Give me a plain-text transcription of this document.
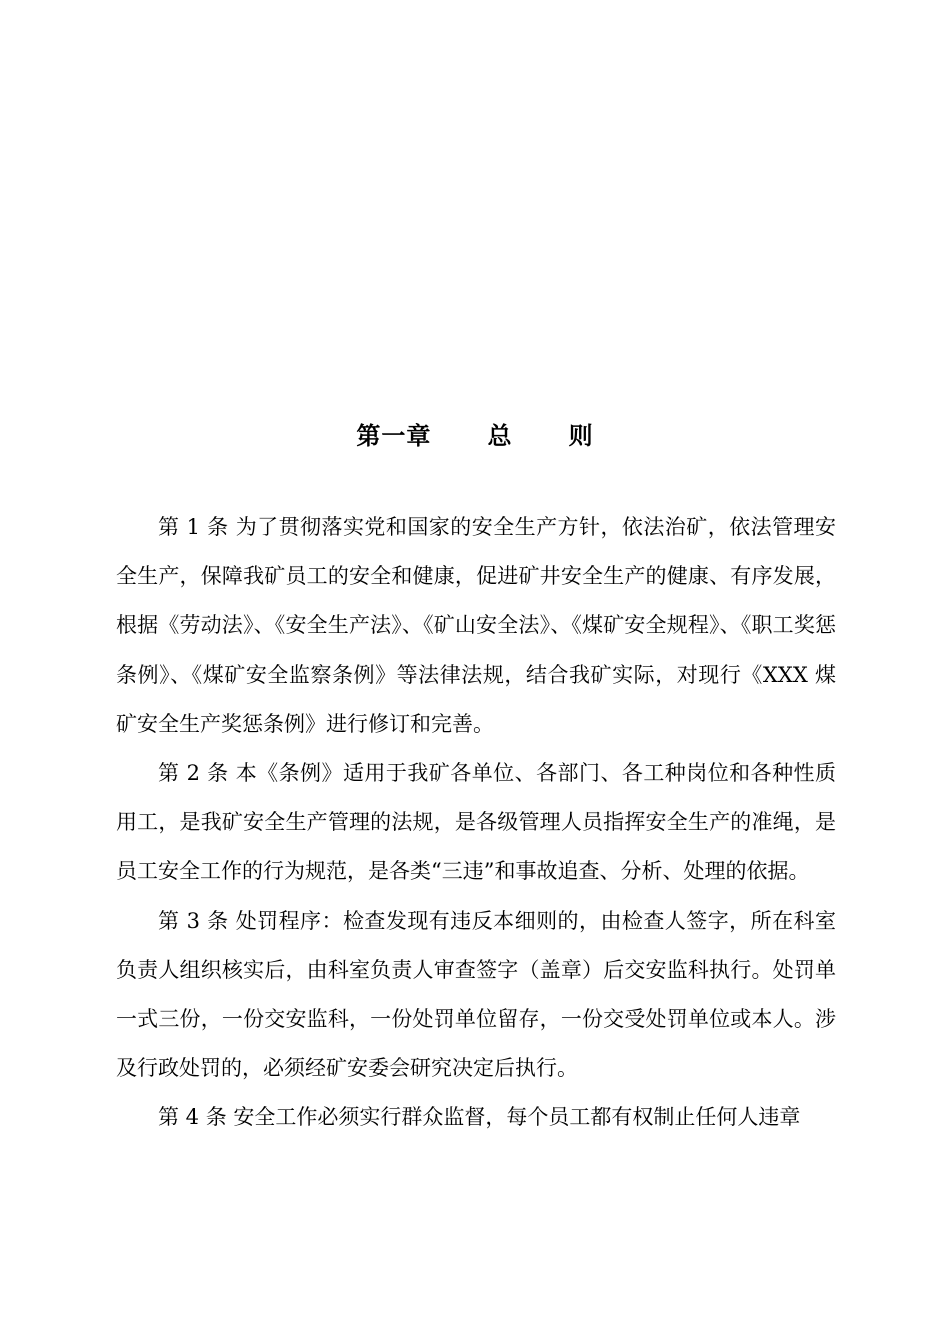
第一章      总      则

第 1 条 为了贯彻落实党和国家的安全生产方针，依法治矿，依法管理安全生产，保障我矿员工的安全和健康，促进矿井安全生产的健康、有序发展，根据《劳动法》、《安全生产法》、《矿山安全法》、《煤矿安全规程》、《职工奖惩条例》、《煤矿安全监察条例》等法律法规，结合我矿实际，对现行《XXX 煤矿安全生产奖惩条例》进行修订和完善。

第 2 条 本《条例》适用于我矿各单位、各部门、各工种岗位和各种性质用工，是我矿安全生产管理的法规，是各级管理人员指挥安全生产的准绳，是员工安全工作的行为规范，是各类“三违”和事故追查、分析、处理的依据。

第 3 条 处罚程序：检查发现有违反本细则的，由检查人签字，所在科室负责人组织核实后，由科室负责人审查签字（盖章）后交安监科执行。处罚单一式三份，一份交安监科，一份处罚单位留存，一份交受处罚单位或本人。涉及行政处罚的，必须经矿安委会研究决定后执行。

第 4 条 安全工作必须实行群众监督，每个员工都有权制止任何人违章
